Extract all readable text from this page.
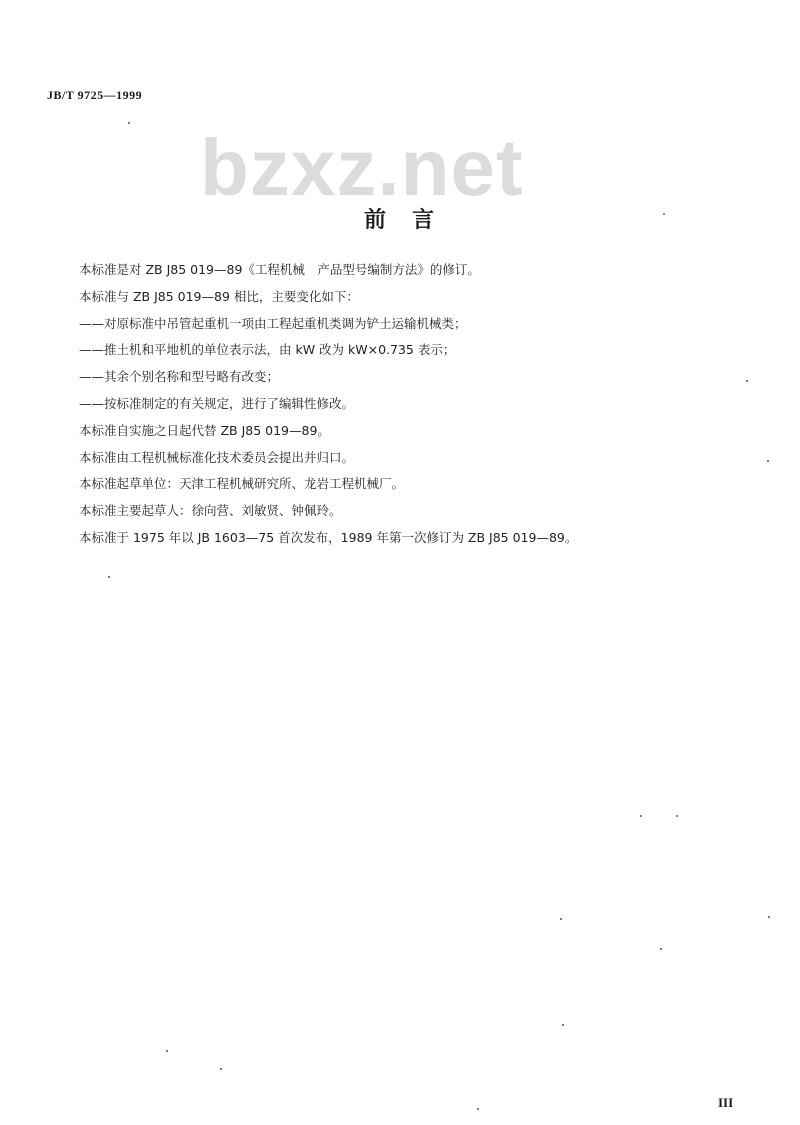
JB/T 9725—1999
bzxz.net
前　言

本标准是对 ZB J85 019—89《工程机械　产品型号编制方法》的修订。

本标准与 ZB J85 019—89 相比，主要变化如下：

——对原标准中吊管起重机一项由工程起重机类调为铲土运输机械类；

——推土机和平地机的单位表示法，由 kW 改为 kW×0.735 表示；

——其余个别名称和型号略有改变；

——按标准制定的有关规定，进行了编辑性修改。

本标准自实施之日起代替 ZB J85 019—89。

本标准由工程机械标准化技术委员会提出并归口。

本标准起草单位：天津工程机械研究所、龙岩工程机械厂。

本标准主要起草人：徐向营、刘敏贤、钟佩玲。

本标准于 1975 年以 JB 1603—75 首次发布，1989 年第一次修订为 ZB J85 019—89。

III
